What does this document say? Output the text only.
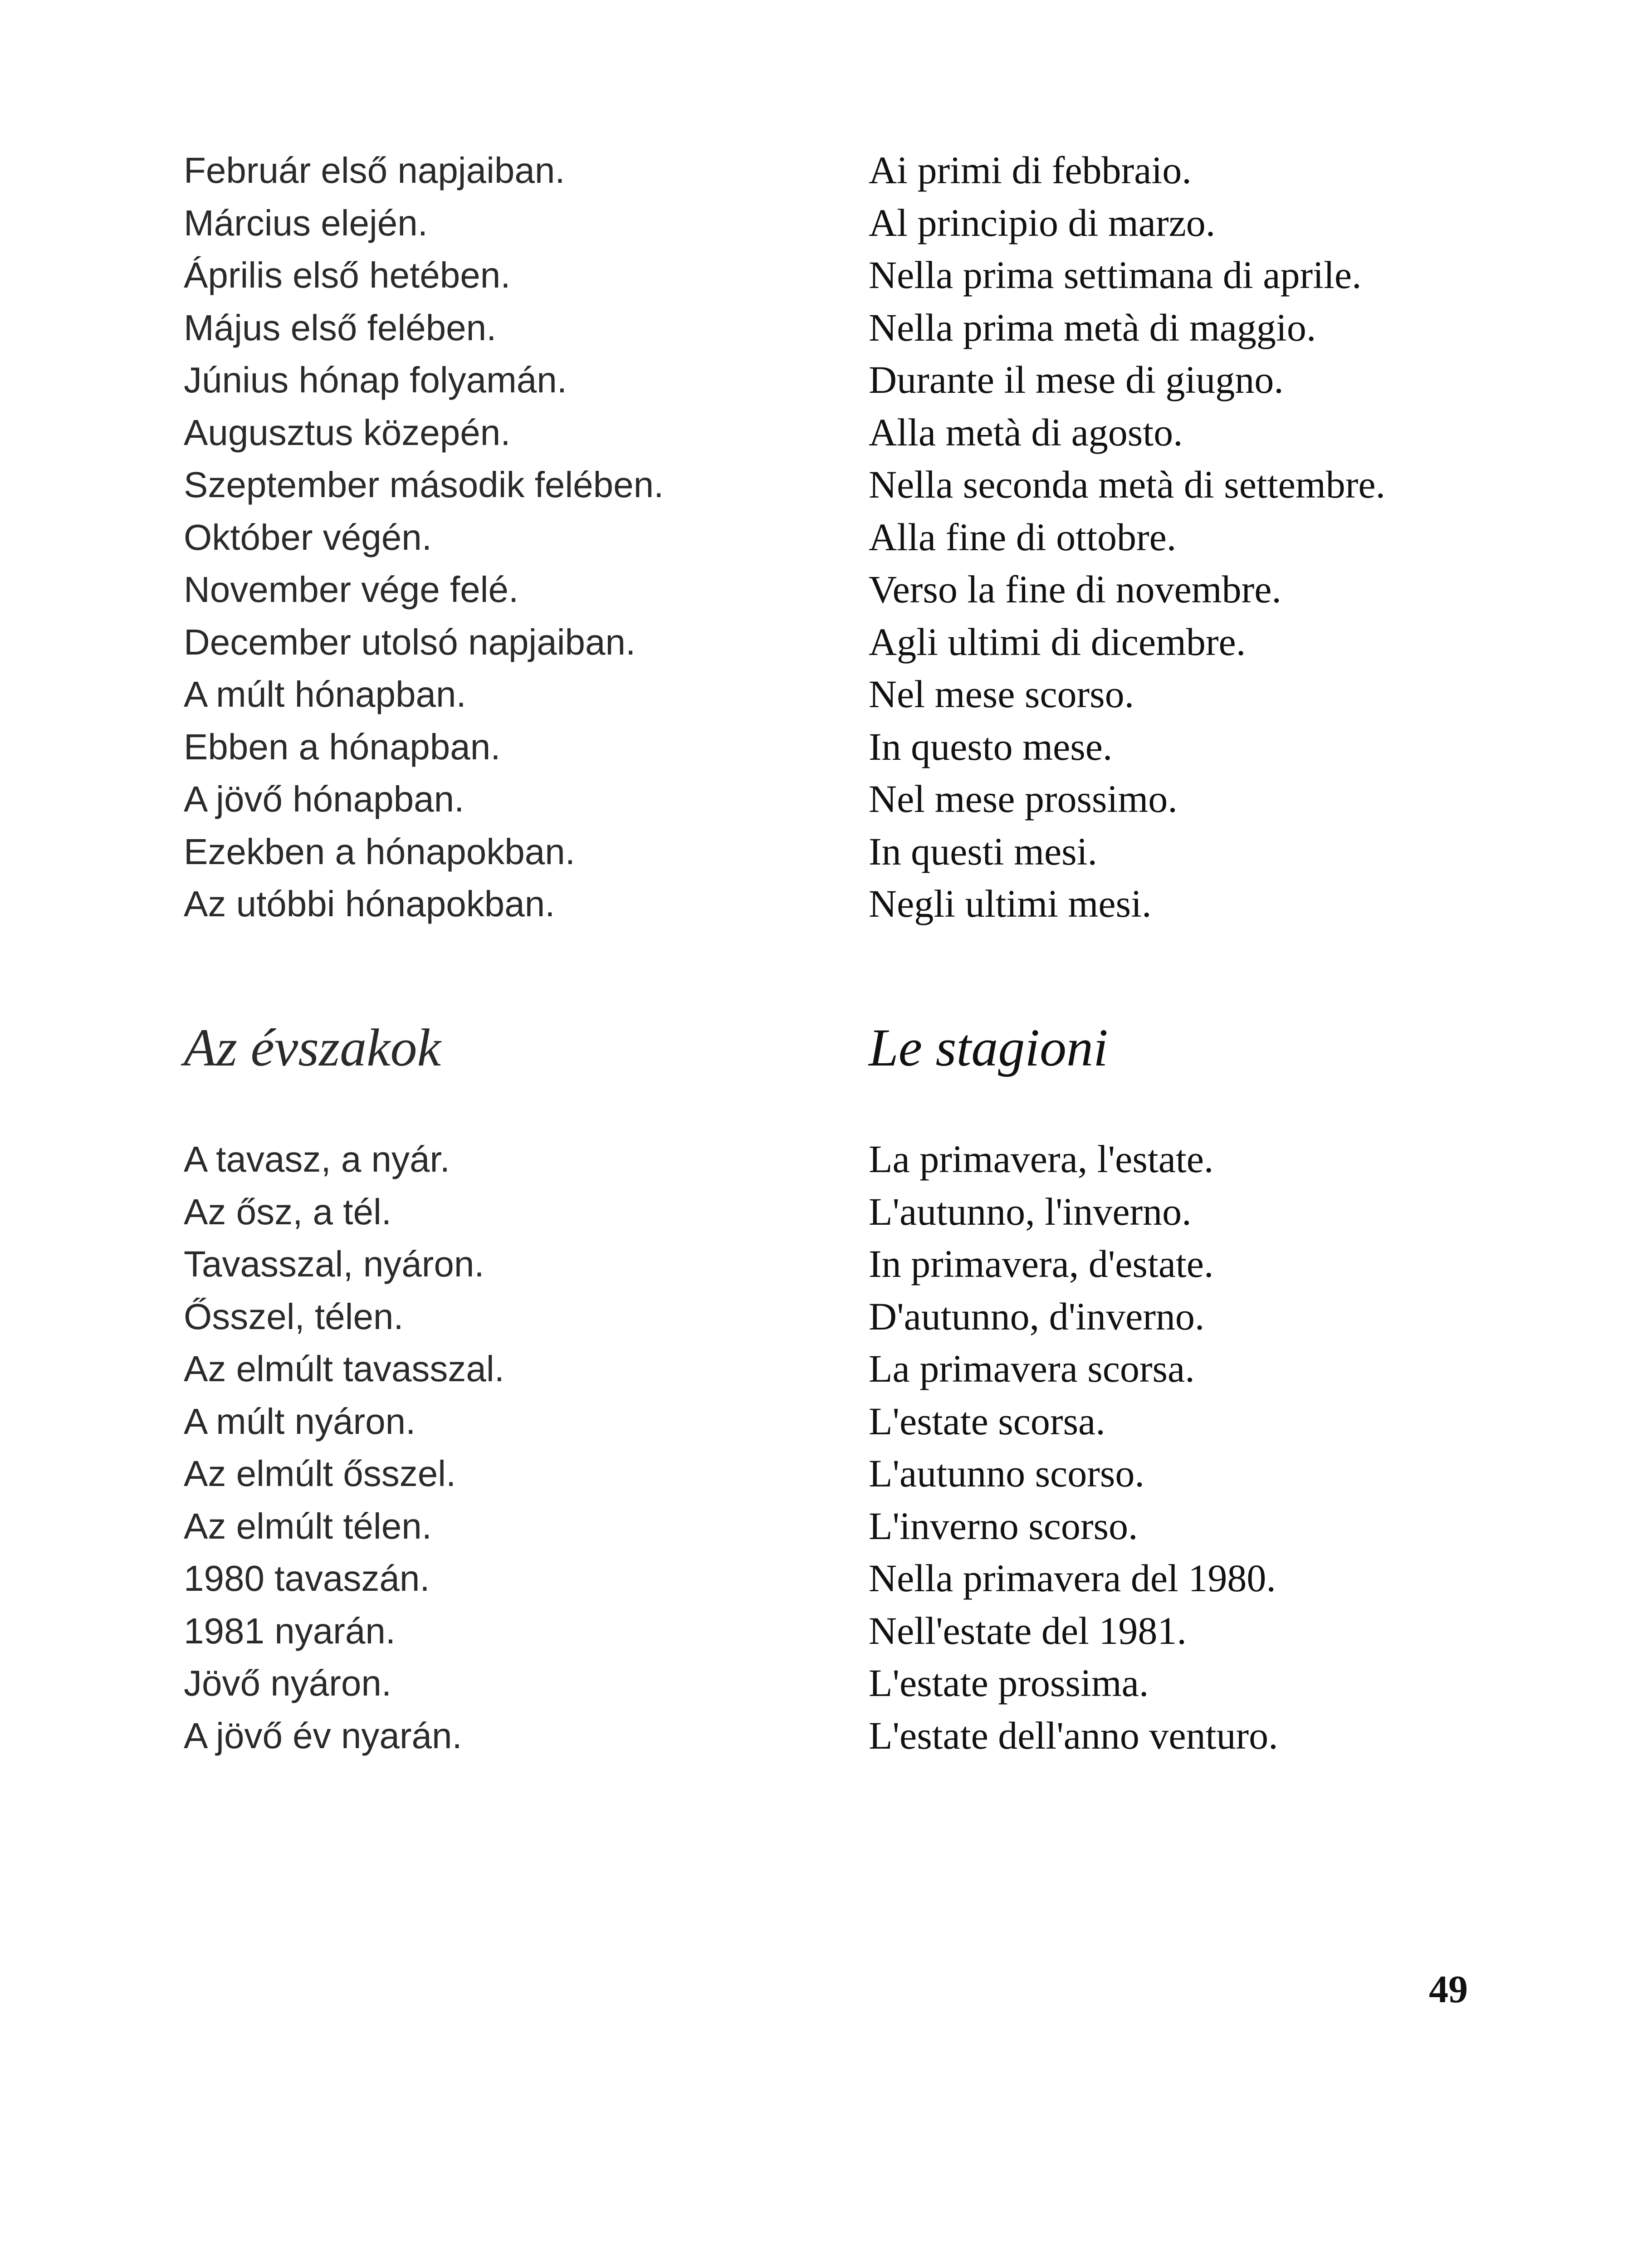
Február első napjaiban.
Március elején.
Április első hetében.
Május első felében.
Június hónap folyamán.
Augusztus közepén.
Szeptember második felében.
Október végén.
November vége felé.
December utolsó napjaiban.
A múlt hónapban.
Ebben a hónapban.
A jövő hónapban.
Ezekben a hónapokban.
Az utóbbi hónapokban.
Ai primi di febbraio.
Al principio di marzo.
Nella prima settimana di aprile.
Nella prima metà di maggio.
Durante il mese di giugno.
Alla metà di agosto.
Nella seconda metà di settembre.
Alla fine di ottobre.
Verso la fine di novembre.
Agli ultimi di dicembre.
Nel mese scorso.
In questo mese.
Nel mese prossimo.
In questi mesi.
Negli ultimi mesi.
Az évszakok	Le stagioni
A tavasz, a nyár.
Az ősz, a tél.
Tavasszal, nyáron.
Ősszel, télen.
Az elmúlt tavasszal.
A múlt nyáron.
Az elmúlt ősszel.
Az elmúlt télen.
1980 tavaszán.
1981 nyarán.
Jövő nyáron.
A jövő év nyarán.
La primavera, l'estate.
L'autunno, l'inverno.
In primavera, d'estate.
D'autunno, d'inverno.
La primavera scorsa.
L'estate scorsa.
L'autunno scorso.
L'inverno scorso.
Nella primavera del 1980.
Nell'estate del 1981.
L'estate prossima.
L'estate dell'anno venturo.
49
